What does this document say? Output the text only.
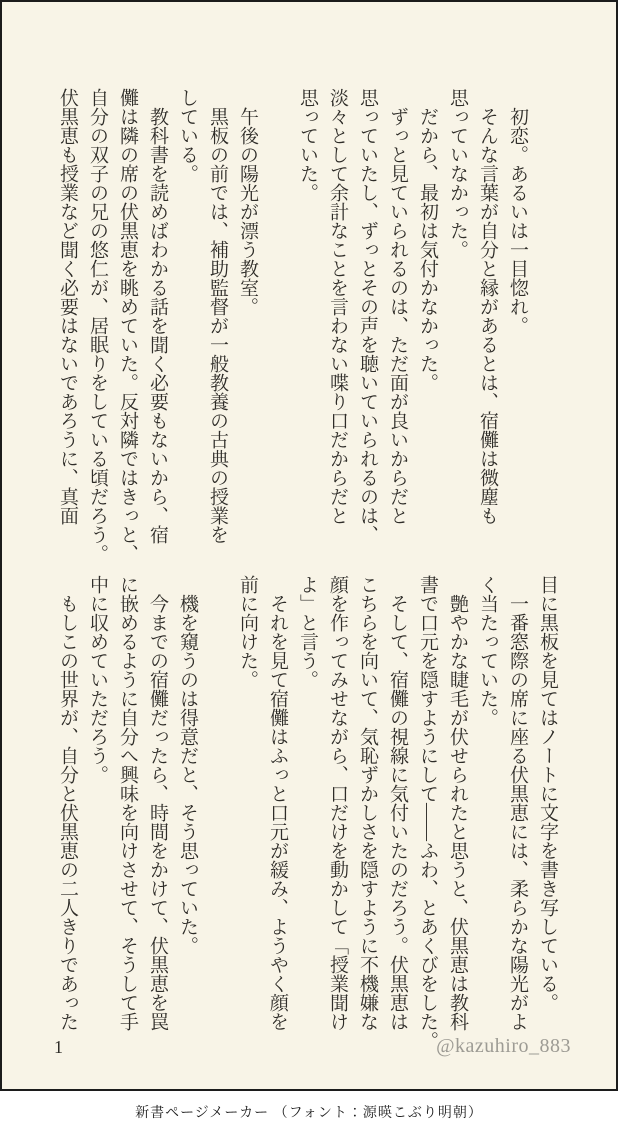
　初恋。あるいは一目惚れ。

　そんな言葉が自分と縁があるとは、宿儺は微塵も

思っていなかった。

　だから、最初は気付かなかった。

　ずっと見ていられるのは、ただ面が良いからだと

思っていたし、ずっとその声を聴いていられるのは、

淡々として余計なことを言わない喋り口だからだと

思っていた。

　午後の陽光が漂う教室。

　黒板の前では、補助監督が一般教養の古典の授業を

している。

　教科書を読めばわかる話を聞く必要もないから、宿

儺は隣の席の伏黒恵を眺めていた。反対隣ではきっと、

自分の双子の兄の悠仁が、居眠りをしている頃だろう。

伏黒恵も授業など聞く必要はないであろうに、真面

目に黒板を見てはノートに文字を書き写している。

　一番窓際の席に座る伏黒恵には、柔らかな陽光がよ

く当たっていた。

　艶やかな睫毛が伏せられたと思うと、伏黒恵は教科

書で口元を隠すようにして――ふわ、とあくびをした。

　そして、宿儺の視線に気付いたのだろう。伏黒恵は

こちらを向いて、気恥ずかしさを隠すように不機嫌な

顔を作ってみせながら、口だけを動かして「授業聞け

よ」と言う。

　それを見て宿儺はふっと口元が緩み、ようやく顔を

前に向けた。

　機を窺うのは得意だと、そう思っていた。

　今までの宿儺だったら、時間をかけて、伏黒恵を罠

に嵌めるように自分へ興味を向けさせて、そうして手

中に収めていただろう。

　もしこの世界が、自分と伏黒恵の二人きりであった

1	@kazuhiro_883
新書ページメーカー （フォント：源暎こぶり明朝）
